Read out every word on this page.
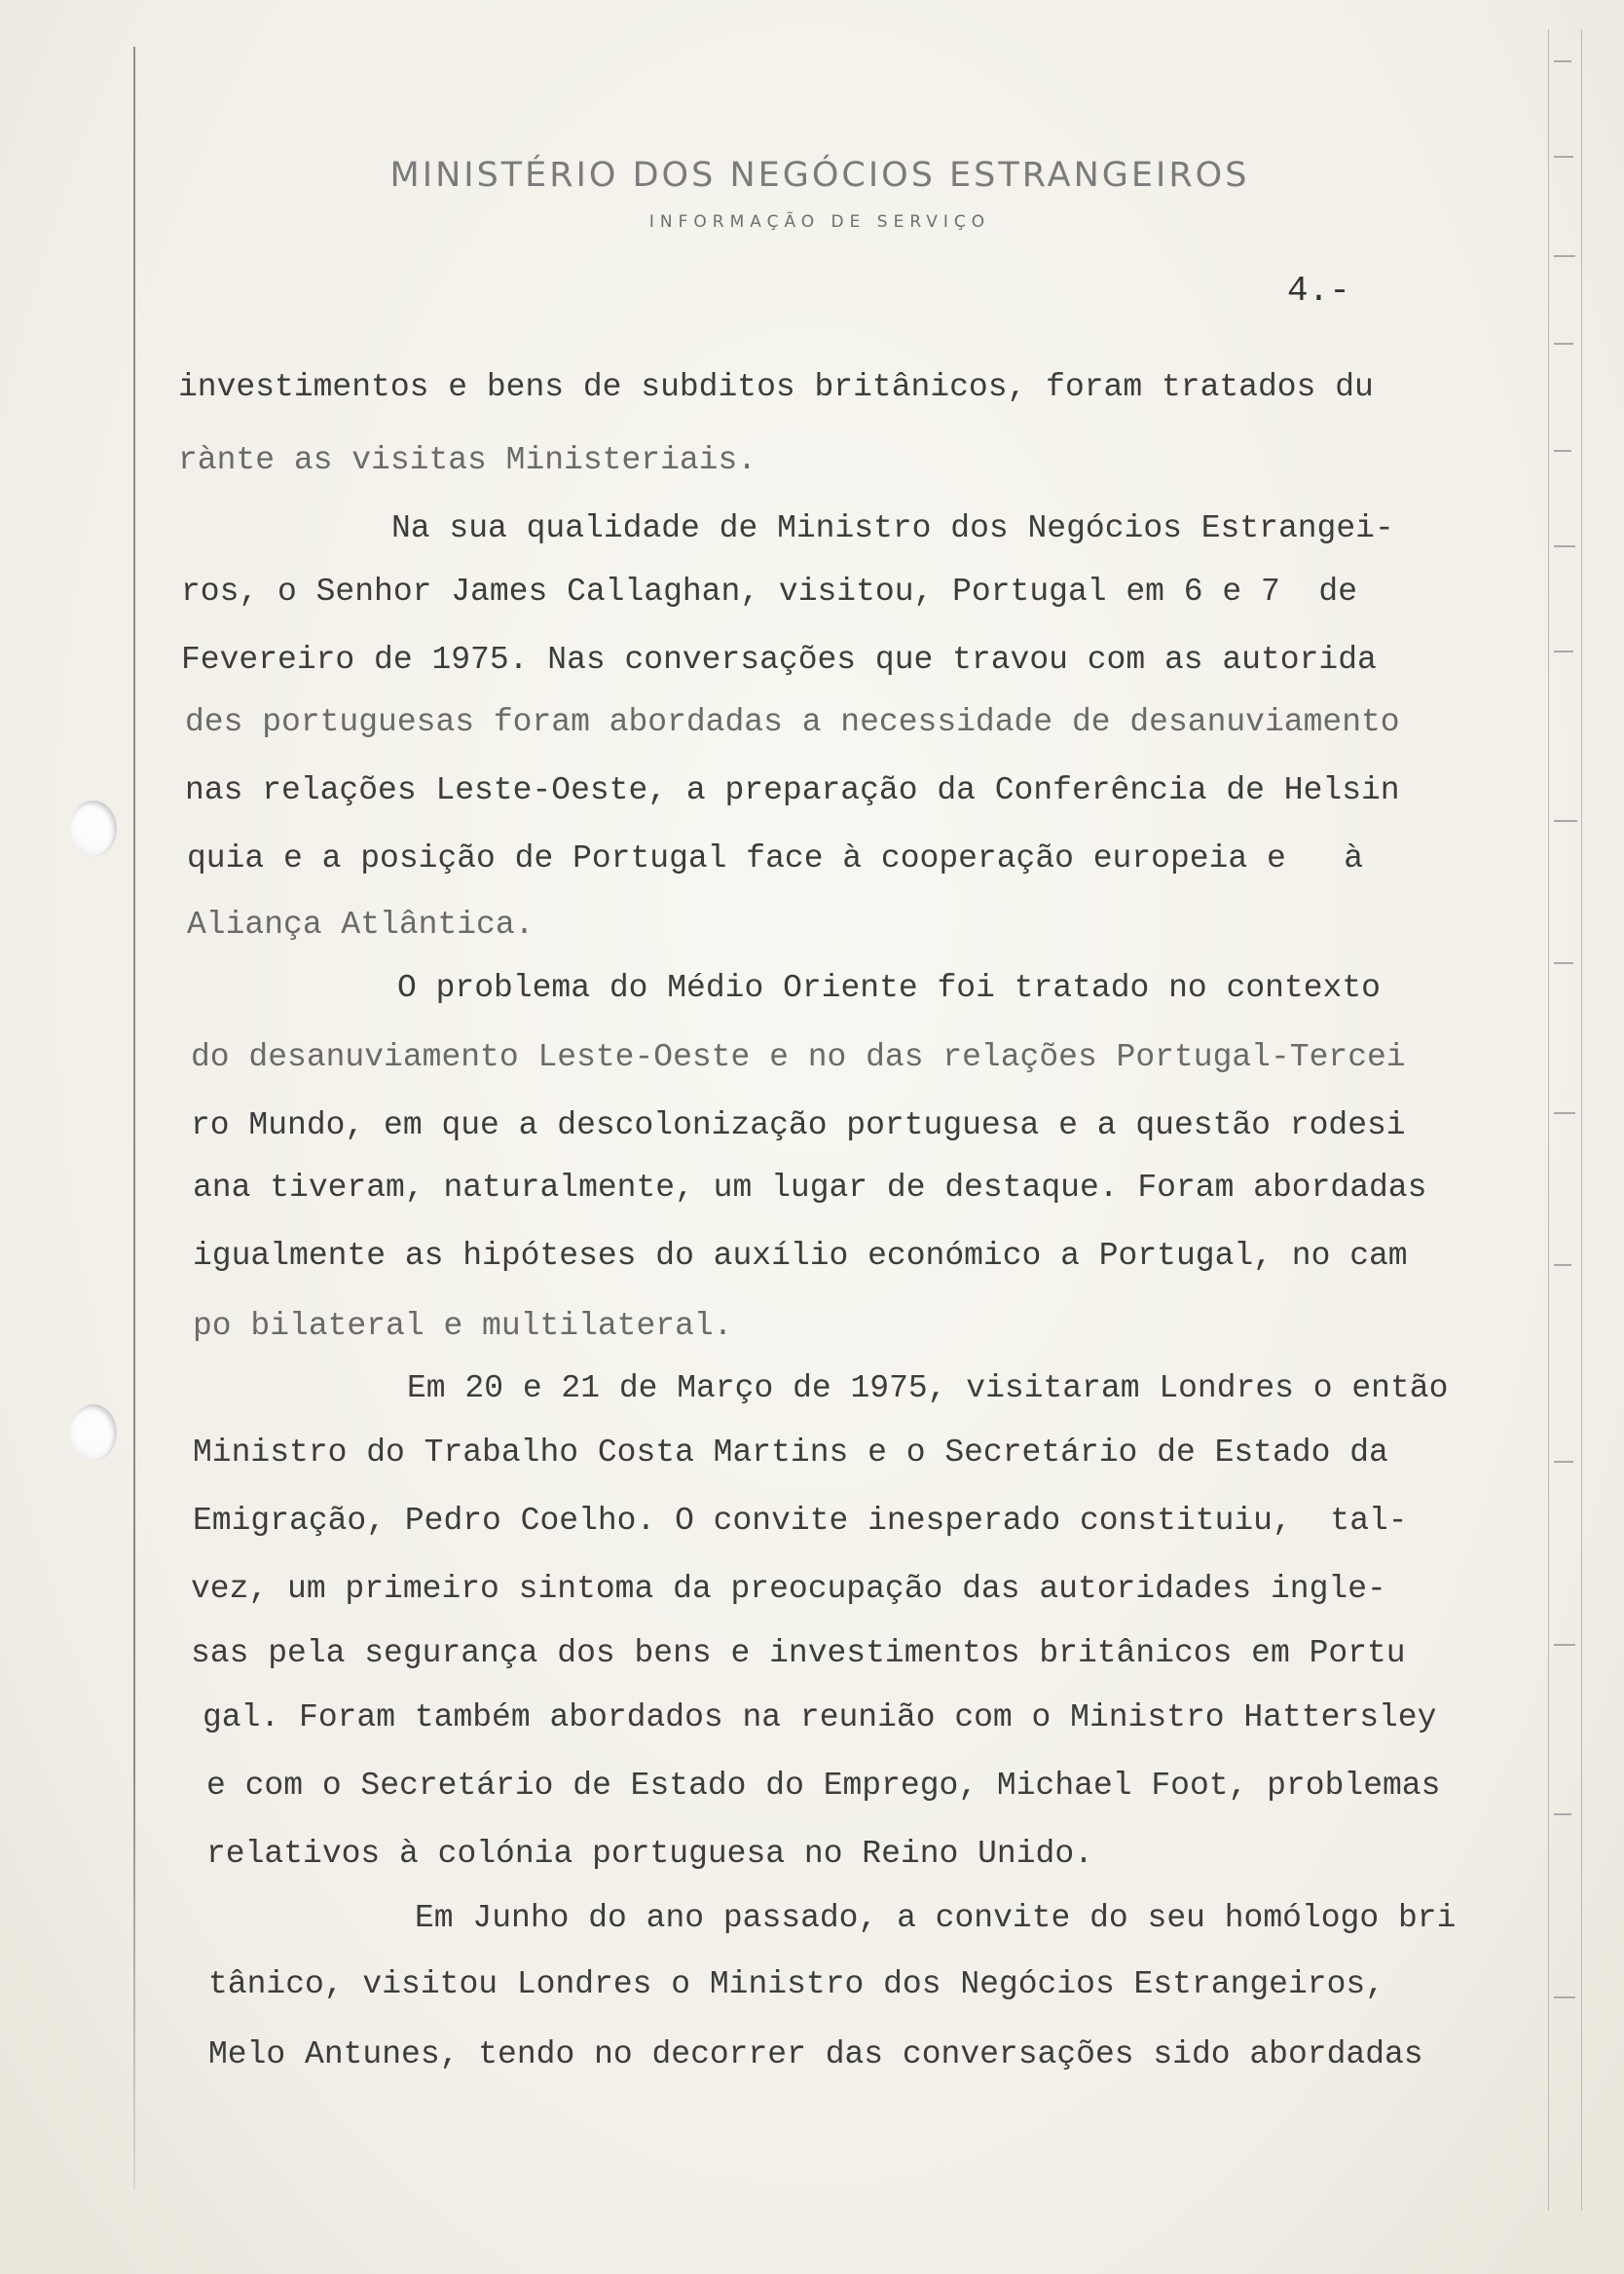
MINISTÉRIO DOS NEGÓCIOS ESTRANGEIROS
INFORMAÇÃO DE SERVIÇO
4.-
investimentos e bens de subditos britânicos, foram tratados du
rànte as visitas Ministeriais.
Na sua qualidade de Ministro dos Negócios Estrangei-
ros, o Senhor James Callaghan, visitou, Portugal em 6 e 7  de
Fevereiro de 1975. Nas conversações que travou com as autorida
des portuguesas foram abordadas a necessidade de desanuviamento
nas relações Leste-Oeste, a preparação da Conferência de Helsin
quia e a posição de Portugal face à cooperação europeia e   à
Aliança Atlântica.
O problema do Médio Oriente foi tratado no contexto
do desanuviamento Leste-Oeste e no das relações Portugal-Tercei
ro Mundo, em que a descolonização portuguesa e a questão rodesi
ana tiveram, naturalmente, um lugar de destaque. Foram abordadas
igualmente as hipóteses do auxílio económico a Portugal, no cam
po bilateral e multilateral.
Em 20 e 21 de Março de 1975, visitaram Londres o então
Ministro do Trabalho Costa Martins e o Secretário de Estado da
Emigração, Pedro Coelho. O convite inesperado constituiu,  tal-
vez, um primeiro sintoma da preocupação das autoridades ingle-
sas pela segurança dos bens e investimentos britânicos em Portu
gal. Foram também abordados na reunião com o Ministro Hattersley
e com o Secretário de Estado do Emprego, Michael Foot, problemas
relativos à colónia portuguesa no Reino Unido.
Em Junho do ano passado, a convite do seu homólogo bri
tânico, visitou Londres o Ministro dos Negócios Estrangeiros,
Melo Antunes, tendo no decorrer das conversações sido abordadas
